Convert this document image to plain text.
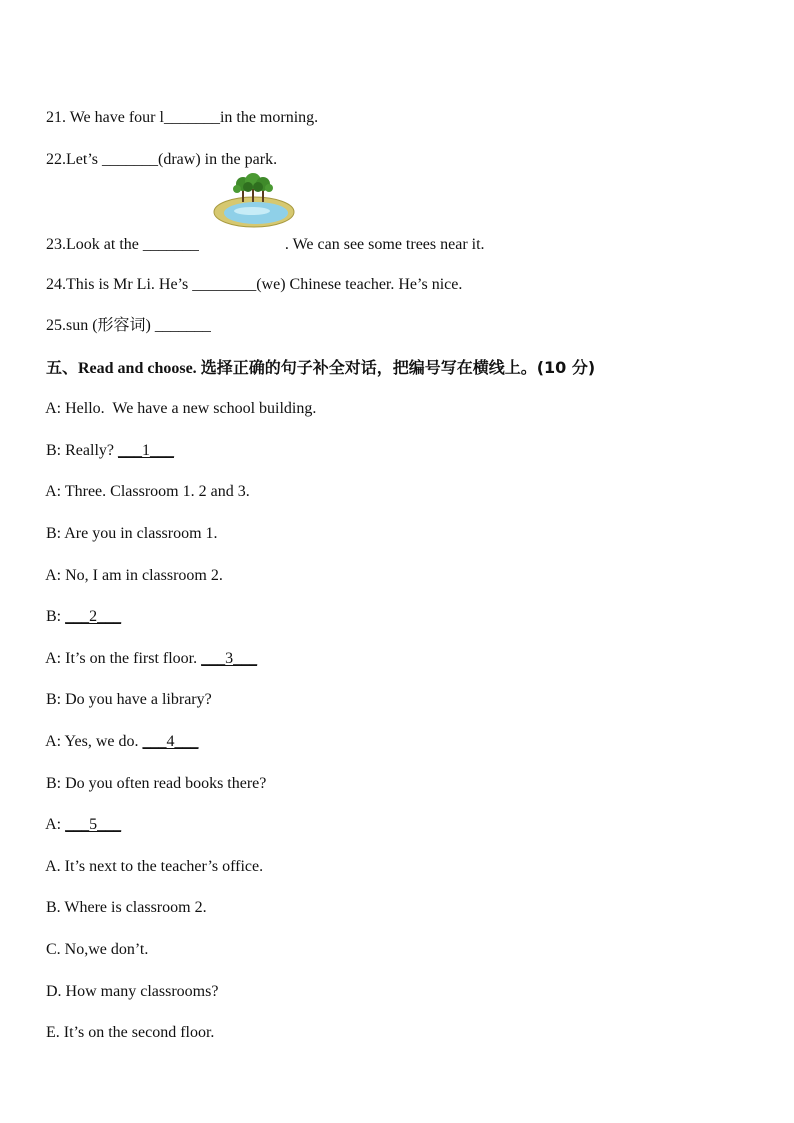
21. We have four l_______in the morning.

22.Let’s _______(draw) in the park.

23.Look at the _______	. We can see some trees near it.

24.This is Mr Li. He’s ________(we) Chinese teacher. He’s nice.

25.sun (形容词) _______

五、Read and choose. 选择正确的句子补全对话，把编号写在横线上。(10 分)

A: Hello.  We have a new school building.

B: Really? ___1___

A: Three. Classroom 1. 2 and 3.

B: Are you in classroom 1.

A: No, I am in classroom 2.

B: ___2___

A: It’s on the first floor. ___3___

B: Do you have a library?

A: Yes, we do. ___4___

B: Do you often read books there?

A: ___5___

A. It’s next to the teacher’s office.

B. Where is classroom 2.

C. No,we don’t.

D. How many classrooms?

E. It’s on the second floor.
